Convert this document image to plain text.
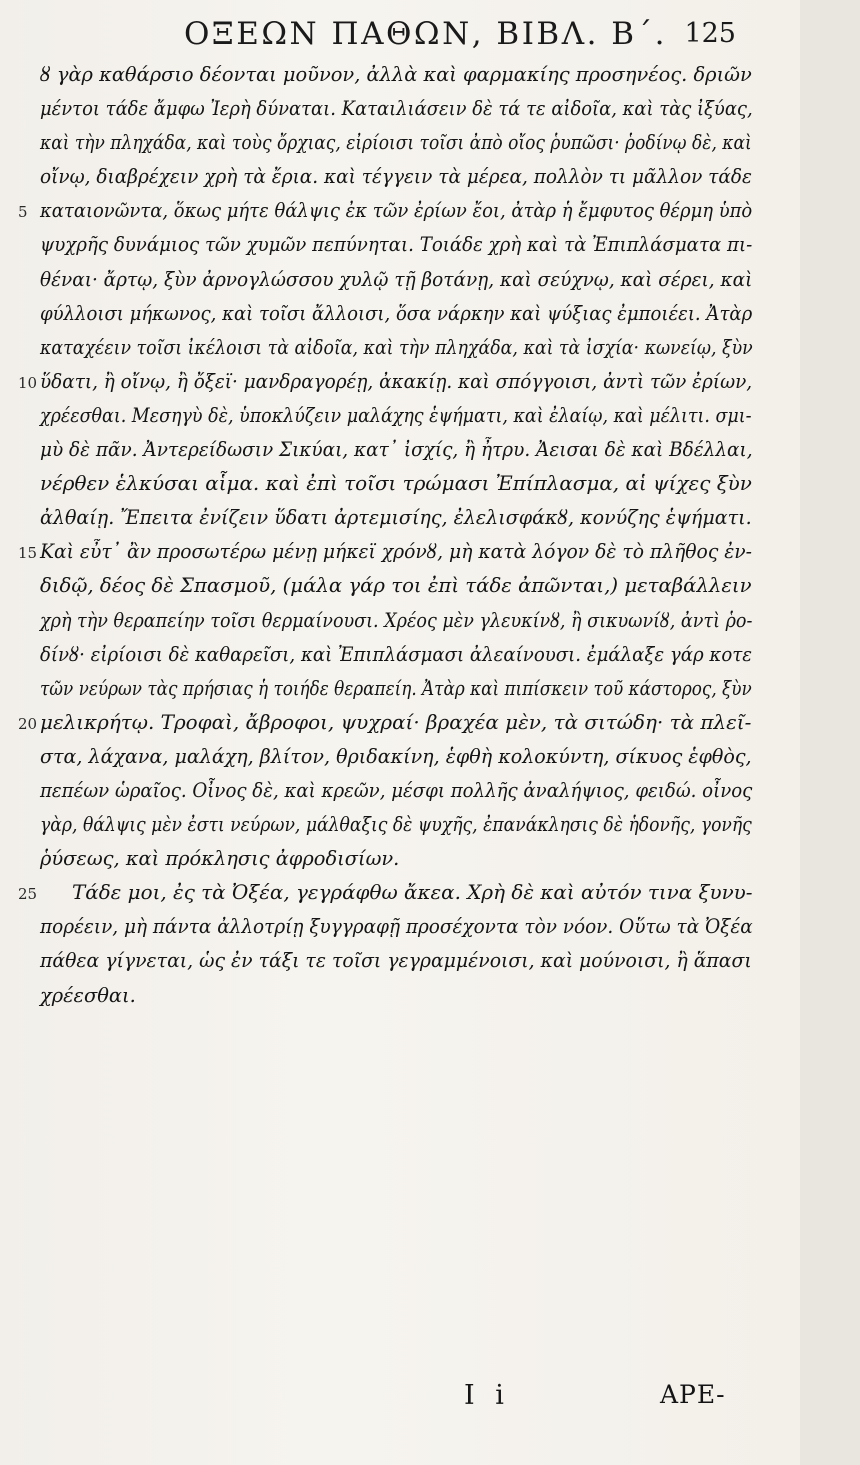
ΟΞΕΩΝ ΠΑΘΩΝ, ΒΙΒΛ. Β΄. 125
ȣ γὰρ καθάρσιο δέονται μοῦνον, ἀλλὰ καὶ φαρμακίης προσηνέος. δριῶν
μέντοι τάδε ἄμφω Ἰερὴ δύναται. Καταιλιάσειν δὲ τά τε αἰδοῖα, καὶ τὰς ἰξύας,
καὶ τὴν πληχάδα, καὶ τοὺς ὄρχιας, εἰρίοισι τοῖσι ἀπὸ οἴος ῥυπῶσι· ῥοδίνῳ δὲ, καὶ
οἴνῳ, διαβρέχειν χρὴ τὰ ἔρια. καὶ τέγγειν τὰ μέρεα, πολλὸν τι μᾶλλον τάδε
5 καταιονῶντα, ὅκως μήτε θάλψις ἐκ τῶν ἐρίων ἔοι, ἀτὰρ ἡ ἔμφυτος θέρμη ὑπὸ
ψυχρῆς δυνάμιος τῶν χυμῶν πεπύνηται. Τοιάδε χρὴ καὶ τὰ Ἐπιπλάσματα πι-
θέναι· ἄρτῳ, ξὺν ἀρνογλώσσου χυλῷ τῇ βοτάνῃ, καὶ σεύχνῳ, καὶ σέρει, καὶ
φύλλοισι μήκωνος, καὶ τοῖσι ἄλλοισι, ὅσα νάρκην καὶ ψύξιας ἐμποιέει. Ἀτὰρ
καταχέειν τοῖσι ἰκέλοισι τὰ αἰδοῖα, καὶ τὴν πληχάδα, καὶ τὰ ἰσχία· κωνείῳ, ξὺν
10 ὕδατι, ἢ οἴνῳ, ἢ ὄξεϊ· μανδραγορέῃ, ἀκακίῃ. καὶ σπόγγοισι, ἀντὶ τῶν ἐρίων,
χρέεσθαι. Μεσηγὺ δὲ, ὑποκλύζειν μαλάχης ἑψήματι, καὶ ἐλαίῳ, καὶ μέλιτι. σμι-
μὺ δὲ πᾶν. Ἀντερείδωσιν Σικύαι, κατ᾽ ἰσχίς, ἢ ἦτρυ. Ἀεισαι δὲ καὶ Βδέλλαι,
νέρθεν ἑλκύσαι αἷμα. καὶ ἐπὶ τοῖσι τρώμασι Ἐπίπλασμα, αἱ ψίχες ξὺν
ἀλθαίῃ. Ἔπειτα ἐνίζειν ὕδατι ἀρτεμισίης, ἐλελισφάκȣ, κονύζης ἑψήματι.
15 Καὶ εὖτ᾽ ἂν προσωτέρω μένῃ μήκεϊ χρόνȣ, μὴ κατὰ λόγον δὲ τὸ πλῆθος ἐν-
διδῷ, δέος δὲ Σπασμοῦ, (μάλα γάρ τοι ἐπὶ τάδε ἀπῶνται,) μεταβάλλειν
χρὴ τὴν θεραπείην τοῖσι θερμαίνουσι. Χρέος μὲν γλευκίνȣ, ἢ σικυωνίȣ, ἀντὶ ῥο-
δίνȣ· εἰρίοισι δὲ καθαρεῖσι, καὶ Ἐπιπλάσμασι ἀλεαίνουσι. ἐμάλαξε γάρ κοτε
τῶν νεύρων τὰς πρήσιας ἡ τοιήδε θεραπείη. Ἀτὰρ καὶ πιπίσκειν τοῦ κάστορος, ξὺν
20 μελικρήτῳ. Τροφαὶ, ἄβροφοι, ψυχραί· βραχέα μὲν, τὰ σιτώδη· τὰ πλεῖ-
στα, λάχανα, μαλάχη, βλίτον, θριδακίνη, ἑφθὴ κολοκύντη, σίκυος ἑφθὸς,
πεπέων ὡραῖος. Οἶνος δὲ, καὶ κρεῶν, μέσφι πολλῆς ἀναλήψιος, φειδώ. οἶνος
γὰρ, θάλψις μὲν ἐστι νεύρων, μάλθαξις δὲ ψυχῆς, ἐπανάκλησις δὲ ἡδονῆς, γονῆς
ῥύσεως, καὶ πρόκλησις ἀφροδισίων.
25 Τάδε μοι, ἐς τὰ Ὀξέα, γεγράφθω ἄκεα. Χρὴ δὲ καὶ αὐτόν τινα ξυνυ-
πορέειν, μὴ πάντα ἀλλοτρίῃ ξυγγραφῇ προσέχοντα τὸν νόον. Οὕτω τὰ Ὀξέα
πάθεα γίγνεται, ὡς ἐν τάξι τε τοῖσι γεγραμμένοισι, καὶ μούνοισι, ἢ ἅπασι
χρέεσθαι.
I i	ΑΡΕ-
